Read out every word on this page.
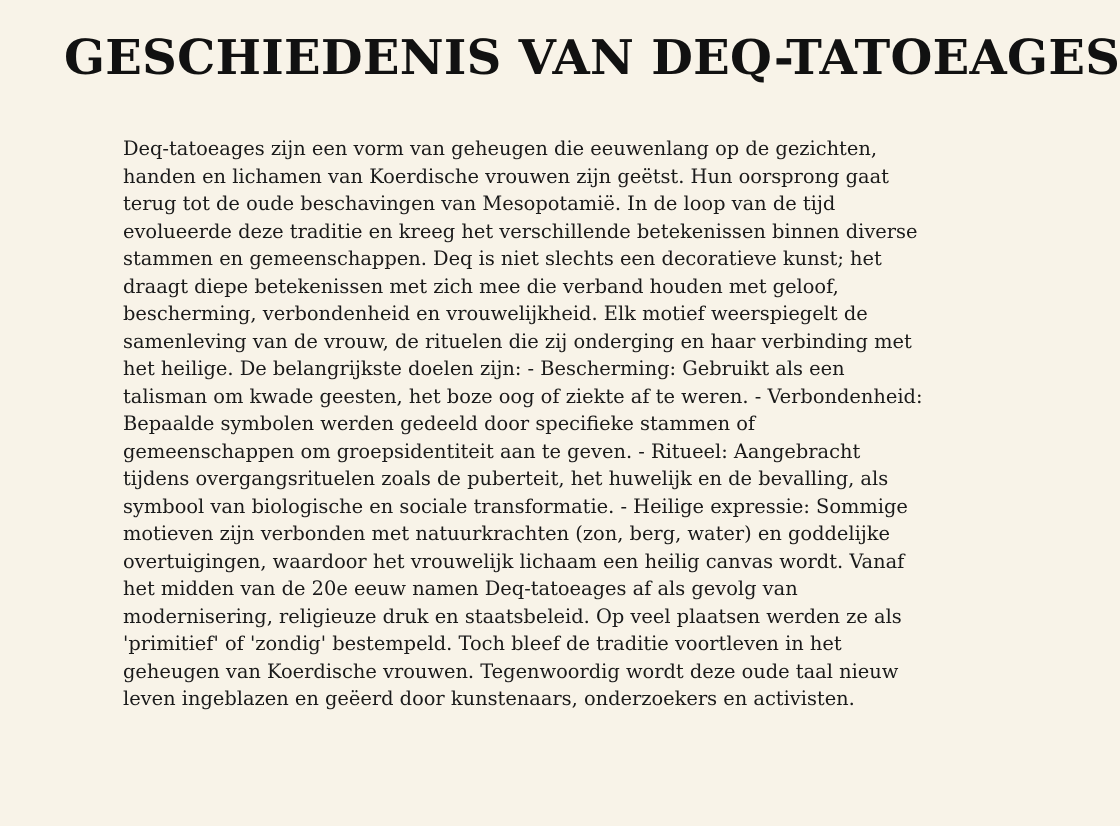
GESCHIEDENIS VAN DEQ-TATOEAGES

Deq-tatoeages zijn een vorm van geheugen die eeuwenlang op de gezichten, handen en lichamen van Koerdische vrouwen zijn geëtst. Hun oorsprong gaat terug tot de oude beschavingen van Mesopotamië. In de loop van de tijd evolueerde deze traditie en kreeg het verschillende betekenissen binnen diverse stammen en gemeenschappen. Deq is niet slechts een decoratieve kunst; het draagt diepe betekenissen met zich mee die verband houden met geloof, bescherming, verbondenheid en vrouwelijkheid. Elk motief weerspiegelt de samenleving van de vrouw, de rituelen die zij onderging en haar verbinding met het heilige. De belangrijkste doelen zijn: - Bescherming: Gebruikt als een talisman om kwade geesten, het boze oog of ziekte af te weren. - Verbondenheid: Bepaalde symbolen werden gedeeld door specifieke stammen of gemeenschappen om groepsidentiteit aan te geven. - Ritueel: Aangebracht tijdens overgangsrituelen zoals de puberteit, het huwelijk en de bevalling, als symbool van biologische en sociale transformatie. - Heilige expressie: Sommige motieven zijn verbonden met natuurkrachten (zon, berg, water) en goddelijke overtuigingen, waardoor het vrouwelijk lichaam een heilig canvas wordt. Vanaf het midden van de 20e eeuw namen Deq-tatoeages af als gevolg van modernisering, religieuze druk en staatsbeleid. Op veel plaatsen werden ze als 'primitief' of 'zondig' bestempeld. Toch bleef de traditie voortleven in het geheugen van Koerdische vrouwen. Tegenwoordig wordt deze oude taal nieuw leven ingeblazen en geëerd door kunstenaars, onderzoekers en activisten.
